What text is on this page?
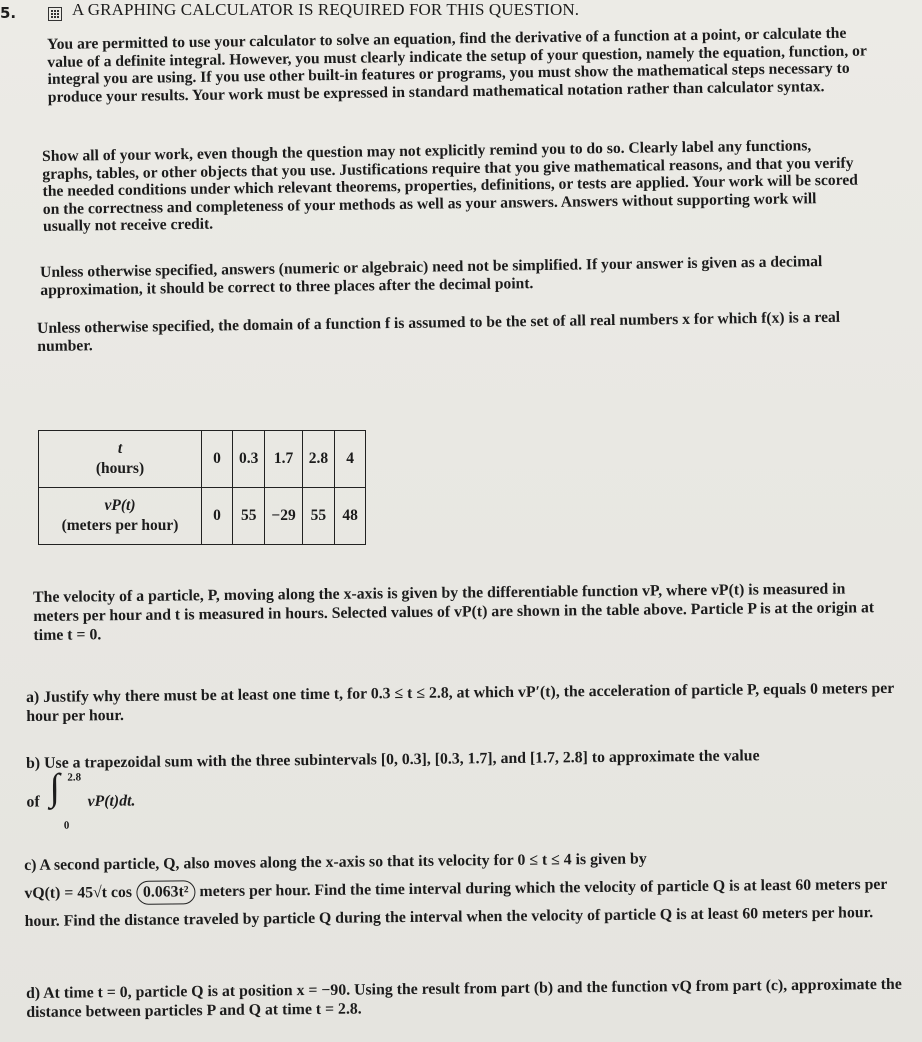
5.	A GRAPHING CALCULATOR IS REQUIRED FOR THIS QUESTION.
You are permitted to use your calculator to solve an equation, find the derivative of a function at a point, or calculate the value of a definite integral. However, you must clearly indicate the setup of your question, namely the equation, function, or integral you are using. If you use other built-in features or programs, you must show the mathematical steps necessary to produce your results. Your work must be expressed in standard mathematical notation rather than calculator syntax.
Show all of your work, even though the question may not explicitly remind you to do so. Clearly label any functions, graphs, tables, or other objects that you use. Justifications require that you give mathematical reasons, and that you verify the needed conditions under which relevant theorems, properties, definitions, or tests are applied. Your work will be scored on the correctness and completeness of your methods as well as your answers. Answers without supporting work will usually not receive credit.
Unless otherwise specified, answers (numeric or algebraic) need not be simplified. If your answer is given as a decimal approximation, it should be correct to three places after the decimal point.
Unless otherwise specified, the domain of a function f is assumed to be the set of all real numbers x for which f(x) is a real number.
t
(hours)	0	0.3	1.7	2.8	4

vP(t)
(meters per hour)	0	55	−29	55	48
The velocity of a particle, P, moving along the x-axis is given by the differentiable function vP, where vP(t) is measured in meters per hour and t is measured in hours. Selected values of vP(t) are shown in the table above. Particle P is at the origin at time t = 0.
a) Justify why there must be at least one time t, for 0.3 ≤ t ≤ 2.8, at which vP′(t), the acceleration of particle P, equals 0 meters per hour per hour.
b) Use a trapezoidal sum with the three subintervals [0, 0.3], [0.3, 1.7], and [1.7, 2.8] to approximate the value
of ∫ 2.8
0
vP(t)dt.
c) A second particle, Q, also moves along the x-axis so that its velocity for 0 ≤ t ≤ 4 is given by
vQ(t) = 45√t cos 0.063t² meters per hour. Find the time interval during which the velocity of particle Q is at least 60 meters per hour. Find the distance traveled by particle Q during the interval when the velocity of particle Q is at least 60 meters per hour.
d) At time t = 0, particle Q is at position x = −90. Using the result from part (b) and the function vQ from part (c), approximate the distance between particles P and Q at time t = 2.8.
